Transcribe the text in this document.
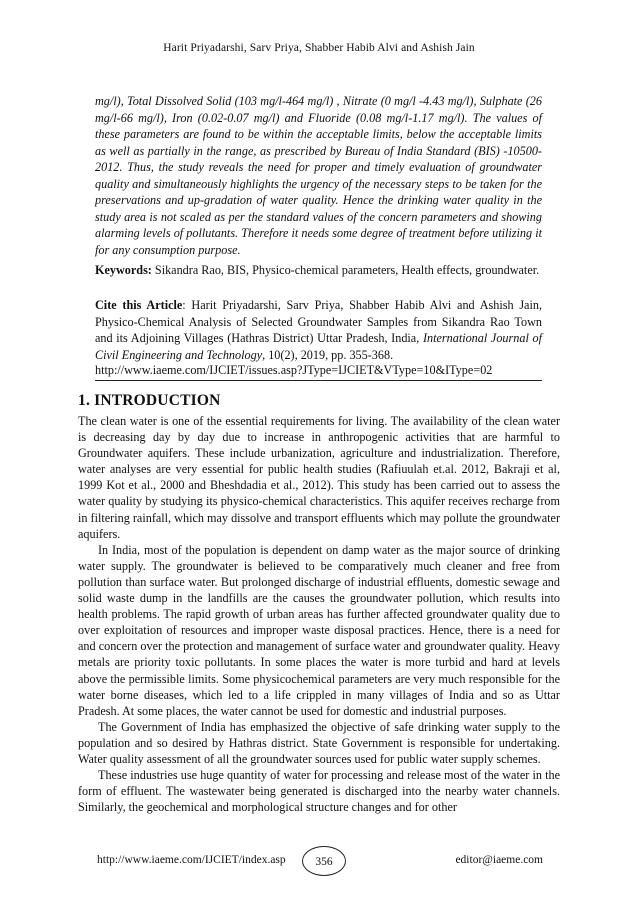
Harit Priyadarshi, Sarv Priya, Shabber Habib Alvi and Ashish Jain

mg/l), Total Dissolved Solid (103 mg/l-464 mg/l) , Nitrate (0 mg/l -4.43 mg/l), Sulphate (26 mg/l-66 mg/l), Iron (0.02-0.07 mg/l) and Fluoride (0.08 mg/l-1.17 mg/l). The values of these parameters are found to be within the acceptable limits, below the acceptable limits as well as partially in the range, as prescribed by Bureau of India Standard (BIS) -10500-2012. Thus, the study reveals the need for proper and timely evaluation of groundwater quality and simultaneously highlights the urgency of the necessary steps to be taken for the preservations and up-gradation of water quality. Hence the drinking water quality in the study area is not scaled as per the standard values of the concern parameters and showing alarming levels of pollutants. Therefore it needs some degree of treatment before utilizing it for any consumption purpose.

Keywords: Sikandra Rao, BIS, Physico-chemical parameters, Health effects, groundwater.

Cite this Article: Harit Priyadarshi, Sarv Priya, Shabber Habib Alvi and Ashish Jain, Physico-Chemical Analysis of Selected Groundwater Samples from Sikandra Rao Town and its Adjoining Villages (Hathras District) Uttar Pradesh, India, International Journal of Civil Engineering and Technology, 10(2), 2019, pp. 355-368.

http://www.iaeme.com/IJCIET/issues.asp?JType=IJCIET&VType=10&IType=02

1. INTRODUCTION

The clean water is one of the essential requirements for living. The availability of the clean water is decreasing day by day due to increase in anthropogenic activities that are harmful to Groundwater aquifers. These include urbanization, agriculture and industrialization. Therefore, water analyses are very essential for public health studies (Rafiuulah et.al. 2012, Bakraji et al, 1999 Kot et al., 2000 and Bheshdadia et al., 2012). This study has been carried out to assess the water quality by studying its physico-chemical characteristics. This aquifer receives recharge from in filtering rainfall, which may dissolve and transport effluents which may pollute the groundwater aquifers.

In India, most of the population is dependent on damp water as the major source of drinking water supply. The groundwater is believed to be comparatively much cleaner and free from pollution than surface water. But prolonged discharge of industrial effluents, domestic sewage and solid waste dump in the landfills are the causes the groundwater pollution, which results into health problems. The rapid growth of urban areas has further affected groundwater quality due to over exploitation of resources and improper waste disposal practices. Hence, there is a need for and concern over the protection and management of surface water and groundwater quality. Heavy metals are priority toxic pollutants. In some places the water is more turbid and hard at levels above the permissible limits. Some physicochemical parameters are very much responsible for the water borne diseases, which led to a life crippled in many villages of India and so as Uttar Pradesh. At some places, the water cannot be used for domestic and industrial purposes.

The Government of India has emphasized the objective of safe drinking water supply to the population and so desired by Hathras district. State Government is responsible for undertaking. Water quality assessment of all the groundwater sources used for public water supply schemes.

These industries use huge quantity of water for processing and release most of the water in the form of effluent. The wastewater being generated is discharged into the nearby water channels. Similarly, the geochemical and morphological structure changes and for other

http://www.iaeme.com/IJCIET/index.asp	356	editor@iaeme.com
